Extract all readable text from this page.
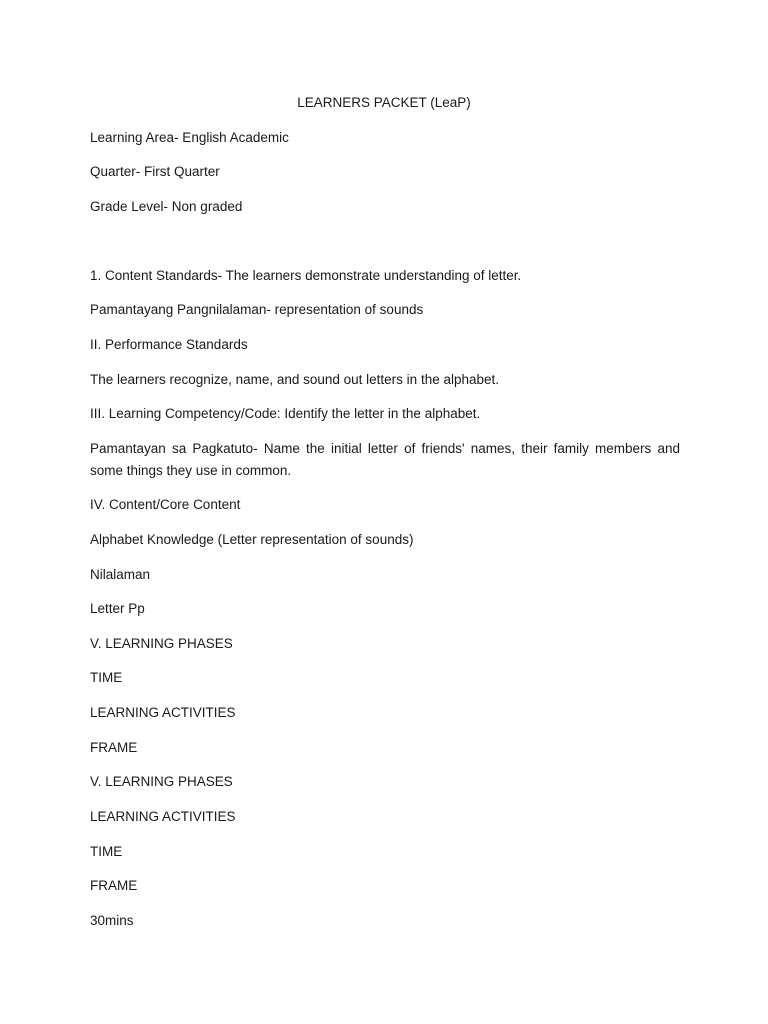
LEARNERS PACKET (LeaP)

Learning Area- English Academic

Quarter- First Quarter

Grade Level- Non graded

1. Content Standards- The learners demonstrate understanding of letter.

Pamantayang Pangnilalaman- representation of sounds

II. Performance Standards

The learners recognize, name, and sound out letters in the alphabet.

III. Learning Competency/Code: Identify the letter in the alphabet.

Pamantayan sa Pagkatuto- Name the initial letter of friends' names, their family members and some things they use in common.

IV. Content/Core Content

Alphabet Knowledge (Letter representation of sounds)

Nilalaman

Letter Pp

V. LEARNING PHASES

TIME

LEARNING ACTIVITIES

FRAME

V. LEARNING PHASES

LEARNING ACTIVITIES

TIME

FRAME

30mins
